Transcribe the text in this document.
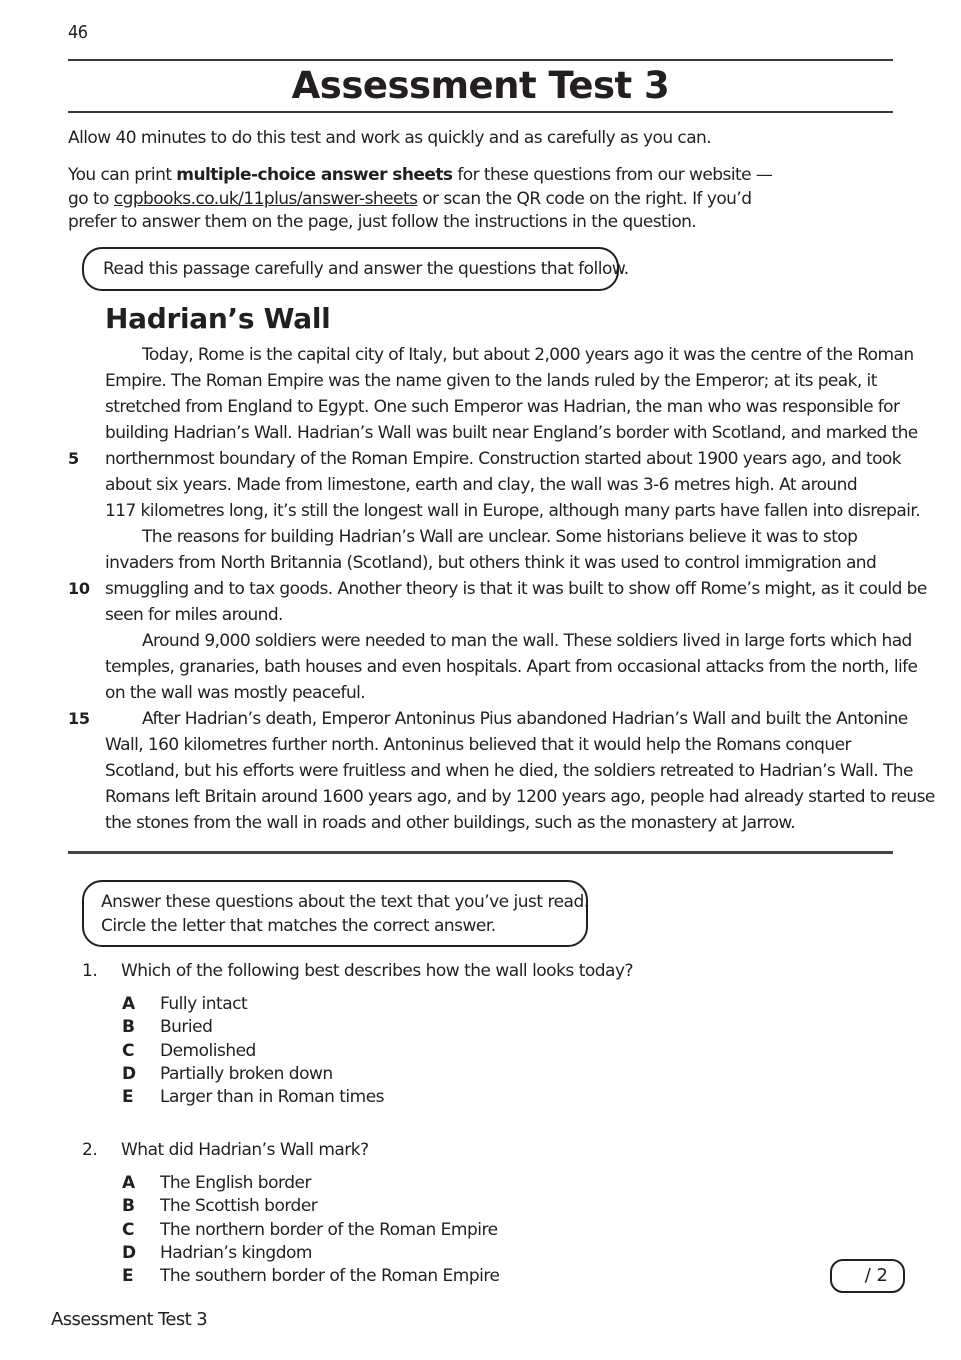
46
Assessment Test 3
Allow 40 minutes to do this test and work as quickly and as carefully as you can.
You can print multiple-choice answer sheets for these questions from our website —
go to cgpbooks.co.uk/11plus/answer-sheets or scan the QR code on the right. If you’d
prefer to answer them on the page, just follow the instructions in the question.
Read this passage carefully and answer the questions that follow.
Hadrian’s Wall
Today, Rome is the capital city of Italy, but about 2,000 years ago it was the centre of the Roman
Empire. The Roman Empire was the name given to the lands ruled by the Emperor; at its peak, it
stretched from England to Egypt. One such Emperor was Hadrian, the man who was responsible for
building Hadrian’s Wall. Hadrian’s Wall was built near England’s border with Scotland, and marked the
5 northernmost boundary of the Roman Empire. Construction started about 1900 years ago, and took
about six years. Made from limestone, earth and clay, the wall was 3-6 metres high. At around
117 kilometres long, it’s still the longest wall in Europe, although many parts have fallen into disrepair.
The reasons for building Hadrian’s Wall are unclear. Some historians believe it was to stop
invaders from North Britannia (Scotland), but others think it was used to control immigration and
10 smuggling and to tax goods. Another theory is that it was built to show off Rome’s might, as it could be
seen for miles around.
Around 9,000 soldiers were needed to man the wall. These soldiers lived in large forts which had
temples, granaries, bath houses and even hospitals. Apart from occasional attacks from the north, life
on the wall was mostly peaceful.
15	After Hadrian’s death, Emperor Antoninus Pius abandoned Hadrian’s Wall and built the Antonine
Wall, 160 kilometres further north. Antoninus believed that it would help the Romans conquer
Scotland, but his efforts were fruitless and when he died, the soldiers retreated to Hadrian’s Wall. The
Romans left Britain around 1600 years ago, and by 1200 years ago, people had already started to reuse
the stones from the wall in roads and other buildings, such as the monastery at Jarrow.
Answer these questions about the text that you’ve just read.
Circle the letter that matches the correct answer.
1. Which of the following best describes how the wall looks today?
A Fully intact
B Buried
C Demolished
D Partially broken down
E Larger than in Roman times
2. What did Hadrian’s Wall mark?
A The English border
B The Scottish border
C The northern border of the Roman Empire
D Hadrian’s kingdom
E The southern border of the Roman Empire	/ 2
Assessment Test 3
